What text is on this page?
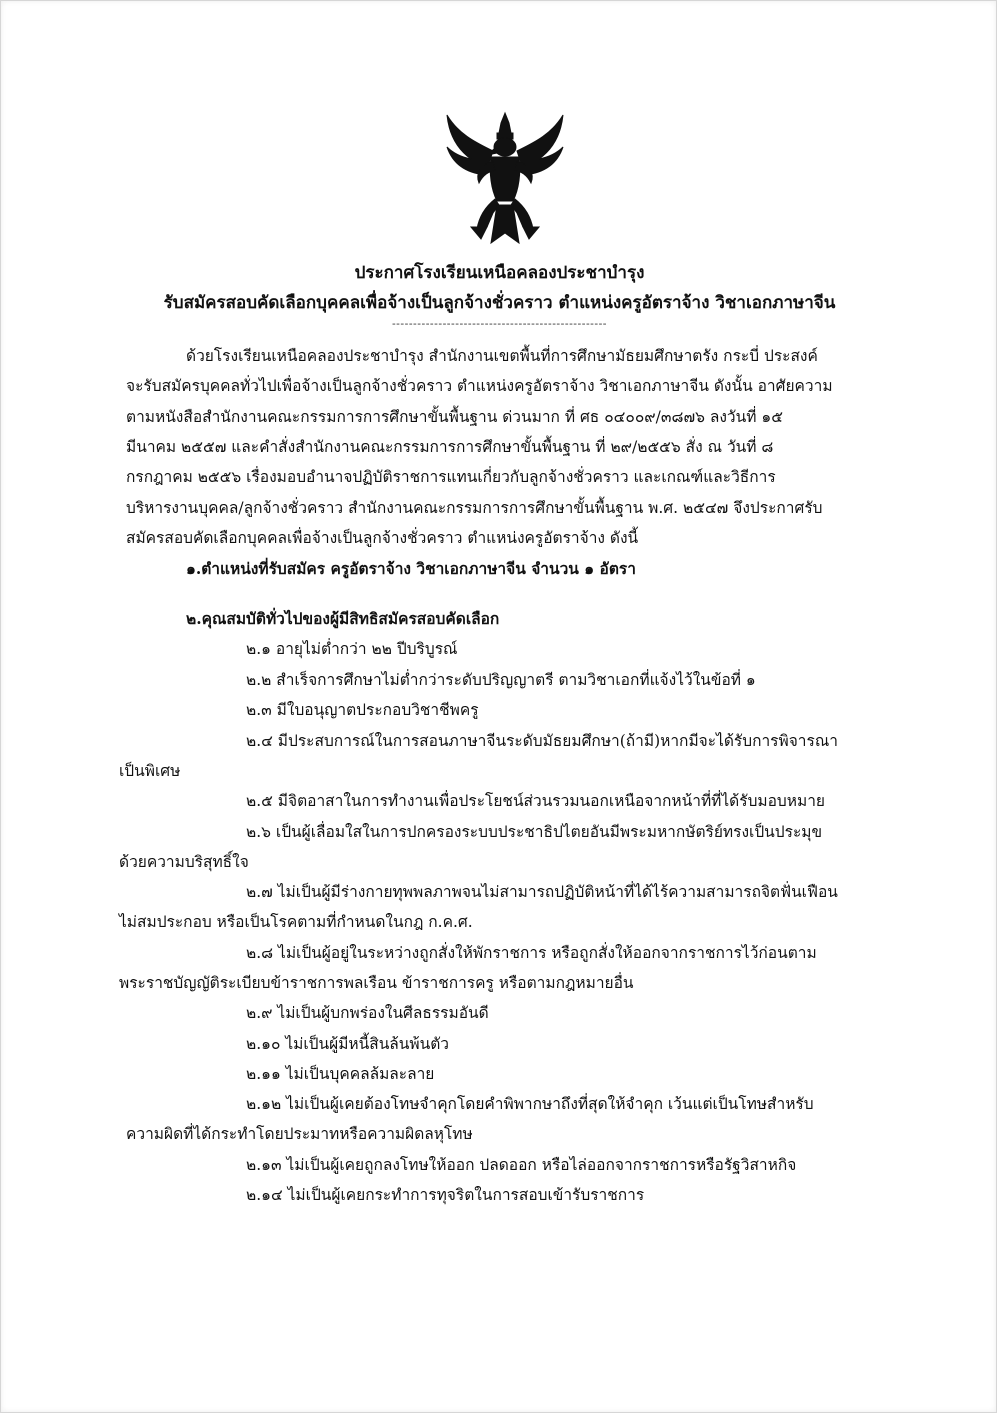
ประกาศโรงเรียนเหนือคลองประชาบำรุง
รับสมัครสอบคัดเลือกบุคคลเพื่อจ้างเป็นลูกจ้างชั่วคราว ตำแหน่งครูอัตราจ้าง วิชาเอกภาษาจีน
---------------------------------------------------
ด้วยโรงเรียนเหนือคลองประชาบำรุง สำนักงานเขตพื้นที่การศึกษามัธยมศึกษาตรัง กระบี่ ประสงค์
จะรับสมัครบุคคลทั่วไปเพื่อจ้างเป็นลูกจ้างชั่วคราว ตำแหน่งครูอัตราจ้าง วิชาเอกภาษาจีน ดังนั้น อาศัยความ
ตามหนังสือสำนักงานคณะกรรมการการศึกษาขั้นพื้นฐาน ด่วนมาก ที่ ศธ ๐๔๐๐๙/๓๘๗๖ ลงวันที่ ๑๕
มีนาคม ๒๕๕๗ และคำสั่งสำนักงานคณะกรรมการการศึกษาขั้นพื้นฐาน ที่ ๒๙/๒๕๕๖ สั่ง ณ วันที่ ๘
กรกฎาคม ๒๕๕๖ เรื่องมอบอำนาจปฏิบัติราชการแทนเกี่ยวกับลูกจ้างชั่วคราว และเกณฑ์และวิธีการ
บริหารงานบุคคล/ลูกจ้างชั่วคราว สำนักงานคณะกรรมการการศึกษาขั้นพื้นฐาน พ.ศ. ๒๕๔๗ จึงประกาศรับ
สมัครสอบคัดเลือกบุคคลเพื่อจ้างเป็นลูกจ้างชั่วคราว ตำแหน่งครูอัตราจ้าง ดังนี้
๑.ตำแหน่งที่รับสมัคร ครูอัตราจ้าง วิชาเอกภาษาจีน จำนวน ๑ อัตรา
๒.คุณสมบัติทั่วไปของผู้มีสิทธิสมัครสอบคัดเลือก
๒.๑ อายุไม่ต่ำกว่า ๒๒ ปีบริบูรณ์
๒.๒ สำเร็จการศึกษาไม่ต่ำกว่าระดับปริญญาตรี ตามวิชาเอกที่แจ้งไว้ในข้อที่ ๑
๒.๓ มีใบอนุญาตประกอบวิชาชีพครู
๒.๔ มีประสบการณ์ในการสอนภาษาจีนระดับมัธยมศึกษา(ถ้ามี)หากมีจะได้รับการพิจารณา
เป็นพิเศษ
๒.๕ มีจิตอาสาในการทำงานเพื่อประโยชน์ส่วนรวมนอกเหนือจากหน้าที่ที่ได้รับมอบหมาย
๒.๖ เป็นผู้เลื่อมใสในการปกครองระบบประชาธิปไตยอันมีพระมหากษัตริย์ทรงเป็นประมุข
ด้วยความบริสุทธิ์ใจ
๒.๗ ไม่เป็นผู้มีร่างกายทุพพลภาพจนไม่สามารถปฏิบัติหน้าที่ได้ไร้ความสามารถจิตฟั่นเฟือน
ไม่สมประกอบ หรือเป็นโรคตามที่กำหนดในกฎ ก.ค.ศ.
๒.๘ ไม่เป็นผู้อยู่ในระหว่างถูกสั่งให้พักราชการ หรือถูกสั่งให้ออกจากราชการไว้ก่อนตาม
พระราชบัญญัติระเบียบข้าราชการพลเรือน ข้าราชการครู หรือตามกฎหมายอื่น
๒.๙ ไม่เป็นผู้บกพร่องในศีลธรรมอันดี
๒.๑๐ ไม่เป็นผู้มีหนี้สินล้นพ้นตัว
๒.๑๑ ไม่เป็นบุคคลล้มละลาย
๒.๑๒ ไม่เป็นผู้เคยต้องโทษจำคุกโดยคำพิพากษาถึงที่สุดให้จำคุก เว้นแต่เป็นโทษสำหรับ
ความผิดที่ได้กระทำโดยประมาทหรือความผิดลหุโทษ
๒.๑๓ ไม่เป็นผู้เคยถูกลงโทษให้ออก ปลดออก หรือไล่ออกจากราชการหรือรัฐวิสาหกิจ
๒.๑๔ ไม่เป็นผู้เคยกระทำการทุจริตในการสอบเข้ารับราชการ
